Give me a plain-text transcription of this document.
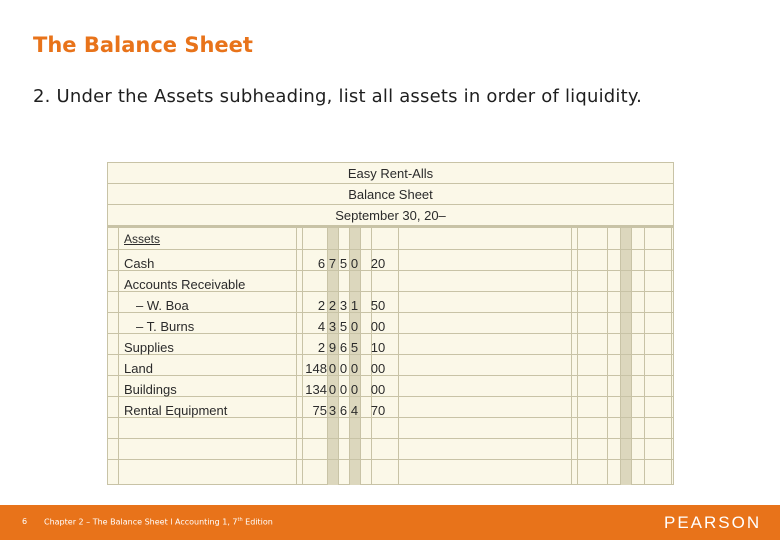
The Balance Sheet
2. Under the Assets subheading, list all assets in order of liquidity.
Easy Rent-Alls
Balance Sheet
September 30, 20–
Assets
Cash	6 7 5 0 20
Accounts Receivable
– W. Boa	2 2 3 1 50
– T. Burns	4 3 5 0 00
Supplies	2 9 6 5 10
Land	148 0 0 0 00
Buildings	134 0 0 0 00
Rental Equipment	75 3 6 4 70
6 Chapter 2 – The Balance Sheet l Accounting 1, 7th Edition	PEARSON
